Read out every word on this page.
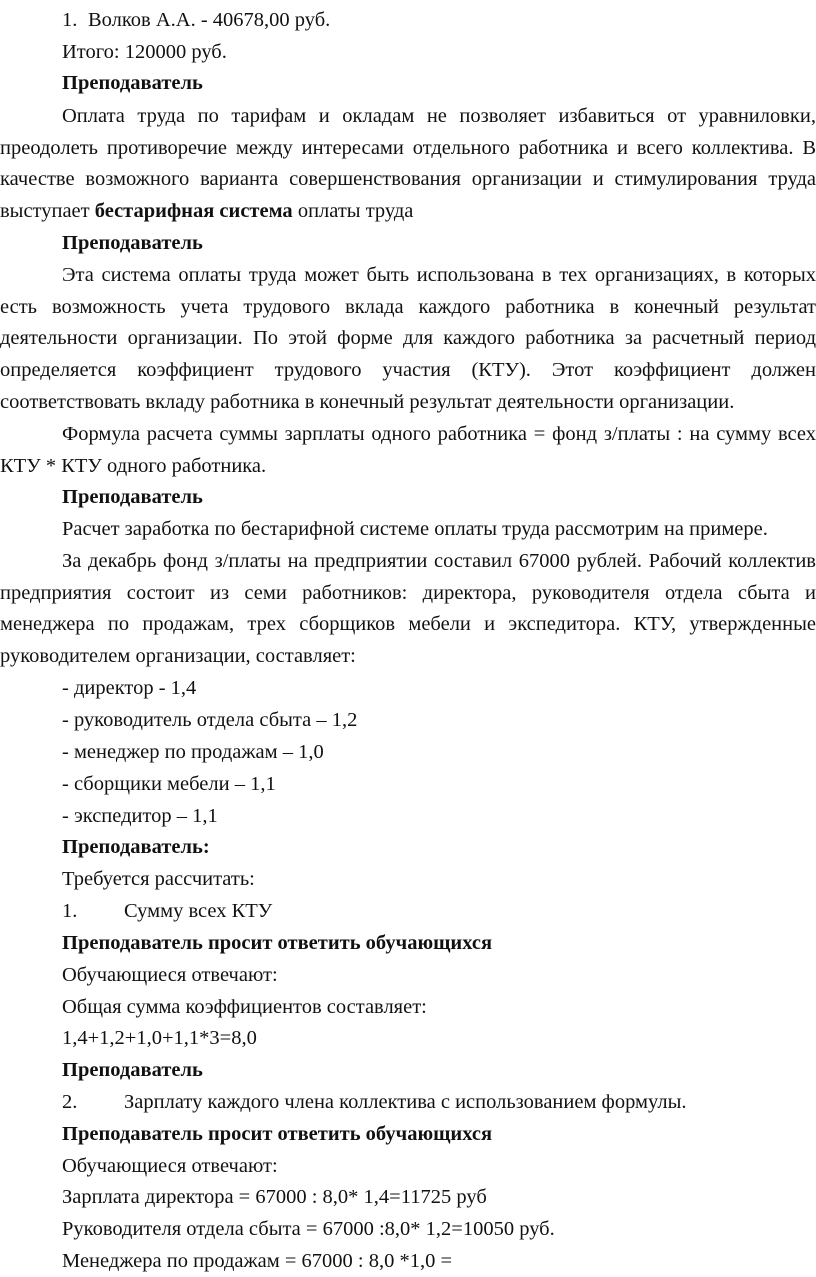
1. Волков А.А. - 40678,00 руб.
Итого: 120000 руб.
Преподаватель
Оплата труда по тарифам и окладам не позволяет избавиться от уравниловки,
преодолеть противоречие между интересами отдельного работника и всего коллектива. В
качестве возможного варианта совершенствования организации и стимулирования труда
выступает бестарифная система оплаты труда
Преподаватель
Эта система оплаты труда может быть использована в тех организациях, в которых
есть возможность учета трудового вклада каждого работника в конечный результат
деятельности организации. По этой форме для каждого работника за расчетный период
определяется коэффициент трудового участия (КТУ). Этот коэффициент должен
соответствовать вкладу работника в конечный результат деятельности организации.
Формула расчета суммы зарплаты одного работника = фонд з/платы : на сумму всех
КТУ * КТУ одного работника.
Преподаватель
Расчет заработка по бестарифной системе оплаты труда рассмотрим на примере.
За декабрь фонд з/платы на предприятии составил 67000 рублей. Рабочий коллектив
предприятия состоит из семи работников: директора, руководителя отдела сбыта и
менеджера по продажам, трех сборщиков мебели и экспедитора. КТУ, утвержденные
руководителем организации, составляет:
- директор - 1,4
- руководитель отдела сбыта – 1,2
- менеджер по продажам – 1,0
- сборщики мебели – 1,1
- экспедитор – 1,1
Преподаватель:
Требуется рассчитать:
1. Сумму всех КТУ
Преподаватель просит ответить обучающихся
Обучающиеся отвечают:
Общая сумма коэффициентов составляет:
1,4+1,2+1,0+1,1*3=8,0
Преподаватель
2. Зарплату каждого члена коллектива с использованием формулы.
Преподаватель просит ответить обучающихся
Обучающиеся отвечают:
Зарплата директора = 67000 : 8,0* 1,4=11725 руб
Руководителя отдела сбыта = 67000 :8,0* 1,2=10050 руб.
Менеджера по продажам = 67000 : 8,0 *1,0 =
